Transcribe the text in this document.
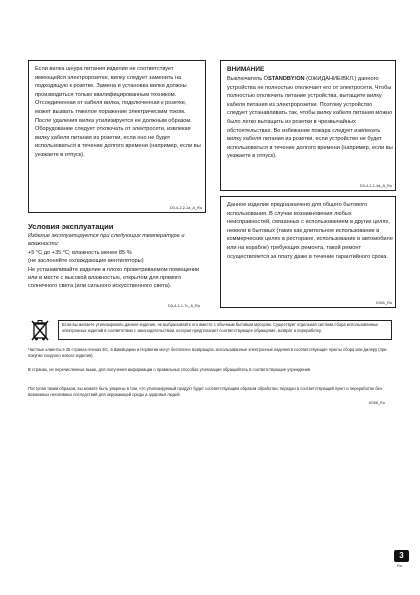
Если вилка шнура питания изделия не соответствует имеющейся электророзетке, вилку следует заменить на подходящую к розетке. Замена и установка вилки должны производиться только квалифицированным техником. Отсоединенная от кабеля вилка, подключенная к розетке, может вызвать тяжелое поражение электрическим током. После удаления вилка утилизируется ее должным образом. Оборудование следует отключать от электросети, извлекая вилку кабеля питания из розетки, если оно не будет использоваться в течение долгого времени (например, если вы уезжаете в отпуск).

D3-4-2-2-1a_A_Ru

ВНИМАНИЕ

Выключатель ÓSTANDBY/ON (ОЖИДАНИЕ/ВКЛ.) данного устройства не полностью отключает его от электросети. Чтобы полностью отключить питание устройства, вытащите вилку кабеля питания из электророзетки. Поэтому устройство следует устанавливать так, чтобы вилку кабеля питания можно было легко вытащить из розетки в чрезвычайных обстоятельствах. Во избежание пожара следует извлекать вилку кабеля питания из розетки, если устройство не будет использоваться в течение долгого времени (например, если вы уезжаете в отпуск).

D3-4-2-1-4a_A_Ru

Условия эксплуатации

Изделие эксплуатируется при следующих температуре и влажности:
+5 °C до +35 °C; влажность менее 85 %
(не заслоняйте охлаждающие вентиляторы)
Не устанавливайте изделие в плохо проветриваемом помещении или в месте с высокой влажностью, открытом для прямого солнечного света (или сильного искусственного света).
D3-4-2-1-7c_A_Ru

Данное изделие предназначено для общего бытового использования. В случае возникновения любых неисправностей, связанных с использованием в других целях, нежели в бытовых (таких как длительное использование в коммерческих целях в ресторане, использование в автомобиле или на корабле) требующих ремонта, такой ремонт осуществляется за плату даже в течение гарантийного срока.

K041_Ru

Если вы желаете утилизировать данное изделие, не выбрасывайте его вместе с обычным бытовым мусором. Существует отдельная система сбора использованных электронных изделий в соответствии с законодательством, которая предполагает соответствующее обращение, возврат и переработку.

Частные клиенты в 25 странах-членах ЕС, в Швейцарии и Норвегии могут бесплатно возвращать использованные электронные изделия в соответствующие пункты сбора или дилеру (при покупке сходного нового изделия).

В странах, не перечисленных выше, для получения информации о правильных способах утилизации обращайтесь в соответствующие учреждения.

Поступая таким образом, вы можете быть уверены в том, что утилизируемый продукт будет соответствующим образом обработан, передан в соответствующий пункт и переработан без возможных негативных последствий для окружающей среды и здоровья людей.

K058_Ru
3
Ru
